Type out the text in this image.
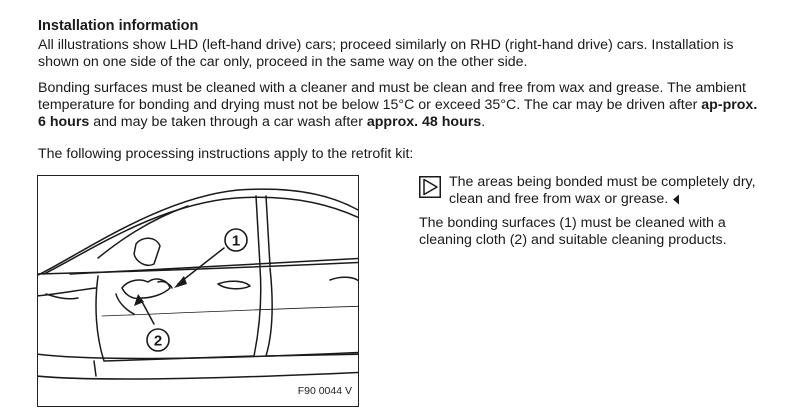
Installation information

All illustrations show LHD (left-hand drive) cars; proceed similarly on RHD (right-hand drive) cars. Installation is shown on one side of the car only, proceed in the same way on the other side.

Bonding surfaces must be cleaned with a cleaner and must be clean and free from wax and grease. The ambient temperature for bonding and drying must not be below 15°C or exceed 35°C. The car may be driven after ap-prox. 6 hours and may be taken through a car wash after approx. 48 hours.

The following processing instructions apply to the retrofit kit:

1
2
F90 0044 V

The areas being bonded must be completely dry, clean and free from wax or grease.

The bonding surfaces (1) must be cleaned with a cleaning cloth (2) and suitable cleaning products.
